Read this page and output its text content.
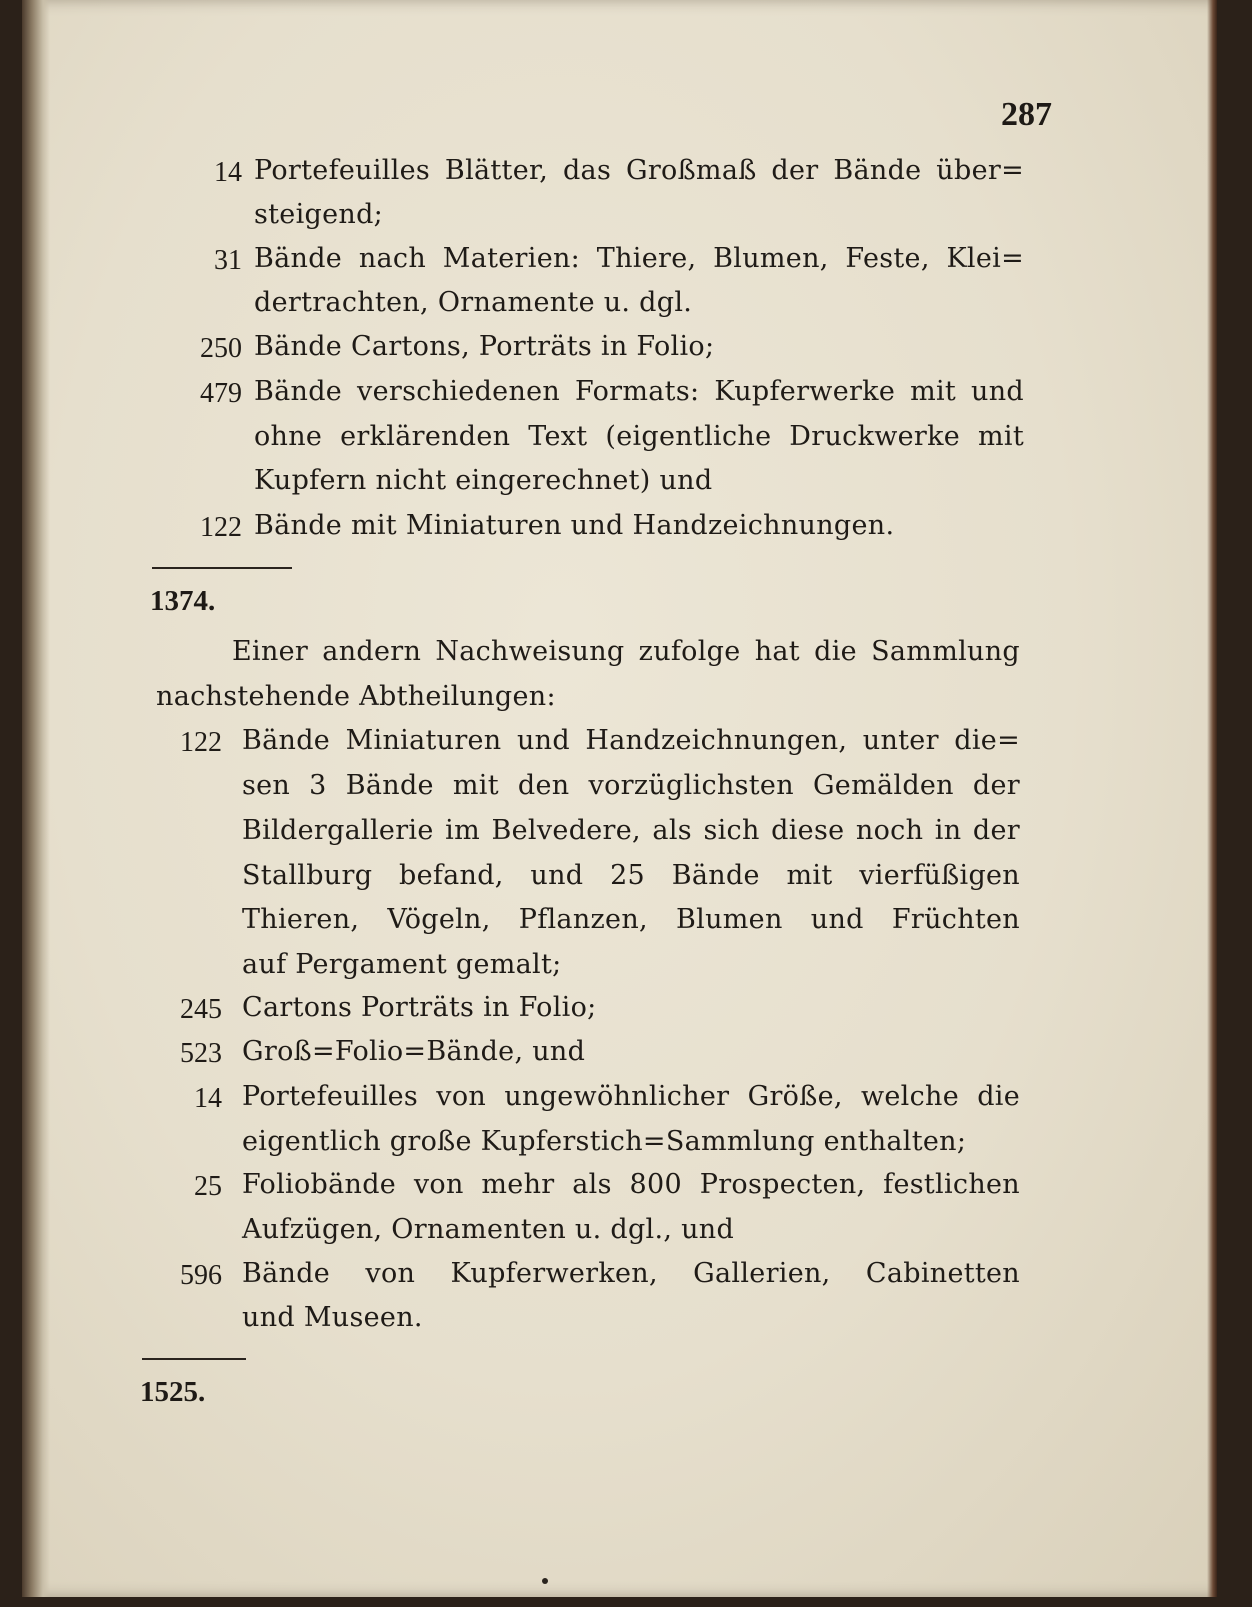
287
14 Portefeuilles Blätter, das Großmaß der Bände über=
steigend;
31 Bände nach Materien: Thiere, Blumen, Feste, Klei=
dertrachten, Ornamente u. dgl.
250 Bände Cartons, Porträts in Folio;
479 Bände verschiedenen Formats: Kupferwerke mit und
ohne erklärenden Text (eigentliche Druckwerke mit
Kupfern nicht eingerechnet) und
122 Bände mit Miniaturen und Handzeichnungen.
1374.
Einer andern Nachweisung zufolge hat die Sammlung
nachstehende Abtheilungen:
122 Bände Miniaturen und Handzeichnungen, unter die=
sen 3 Bände mit den vorzüglichsten Gemälden der
Bildergallerie im Belvedere, als sich diese noch in der
Stallburg befand, und 25 Bände mit vierfüßigen
Thieren, Vögeln, Pflanzen, Blumen und Früchten
auf Pergament gemalt;
245 Cartons Porträts in Folio;
523 Groß=Folio=Bände, und
14 Portefeuilles von ungewöhnlicher Größe, welche die
eigentlich große Kupferstich=Sammlung enthalten;
25 Foliobände von mehr als 800 Prospecten, festlichen
Aufzügen, Ornamenten u. dgl., und
596 Bände von Kupferwerken, Gallerien, Cabinetten
und Museen.
1525.
